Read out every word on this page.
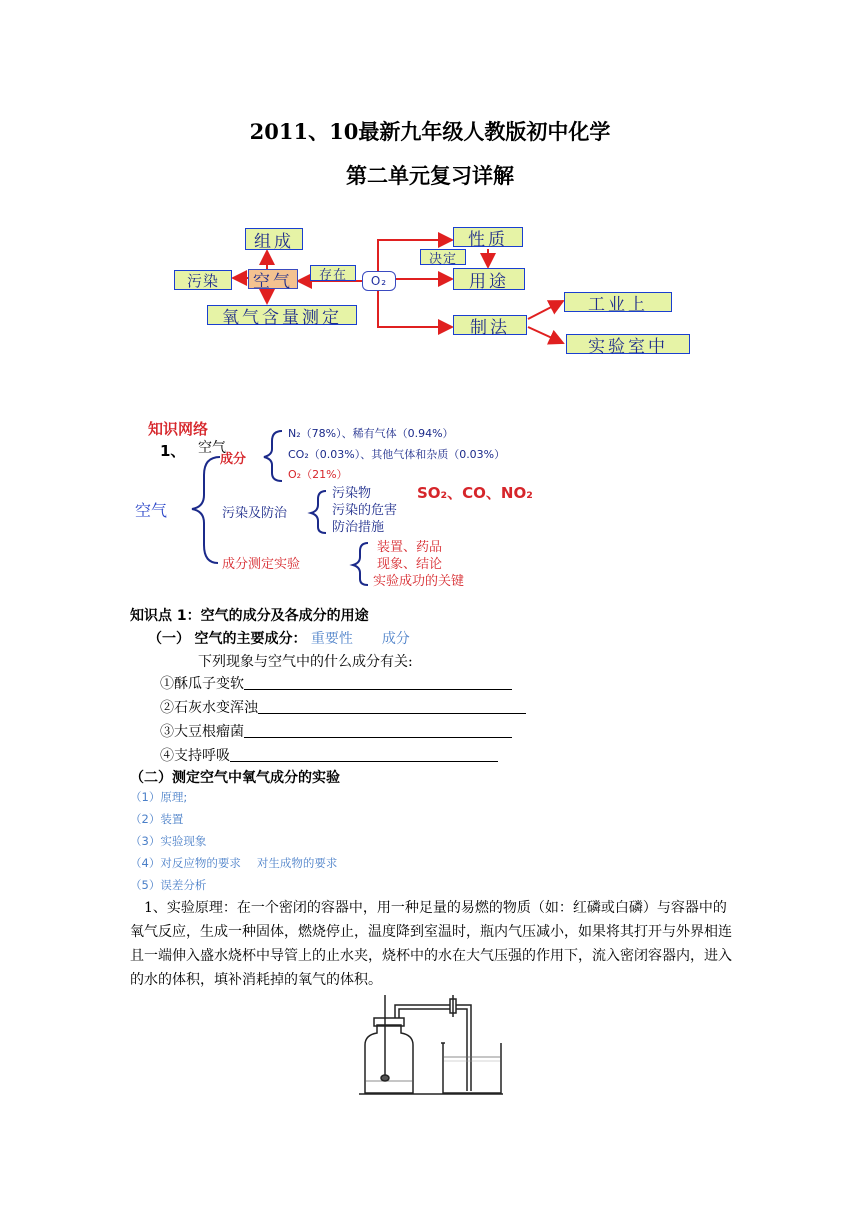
2011、10最新九年级人教版初中化学
第二单元复习详解
组成
污染	空气	存在	O₂
氧气含量测定
性质
决定
用途
制法
工业上
实验室中
知识网络
1、 空气
空气
成分
N₂（78%）、稀有气体（0.94%）
CO₂（0.03%）、其他气体和杂质（0.03%）
O₂（21%）
污染及防治
污染物	SO₂、CO、NO₂
污染的危害
防治措施
成分测定实验
装置、药品
现象、结论
实验成功的关键
知识点 1：空气的成分及各成分的用途
（一） 空气的主要成分： 重要性 成分
下列现象与空气中的什么成分有关:
①酥瓜子变软
②石灰水变浑浊
③大豆根瘤菌
④支持呼吸
（二）测定空气中氧气成分的实验
（1）原理;
（2）装置
（3）实验现象
（4）对反应物的要求 对生成物的要求
（5）误差分析
1、实验原理：在一个密闭的容器中，用一种足量的易燃的物质（如：红磷或白磷）与容器中的氧气反应，生成一种固体，燃烧停止，温度降到室温时，瓶内气压减小，如果将其打开与外界相连且一端伸入盛水烧杯中导管上的止水夹，烧杯中的水在大气压强的作用下，流入密闭容器内，进入的水的体积，填补消耗掉的氧气的体积。
